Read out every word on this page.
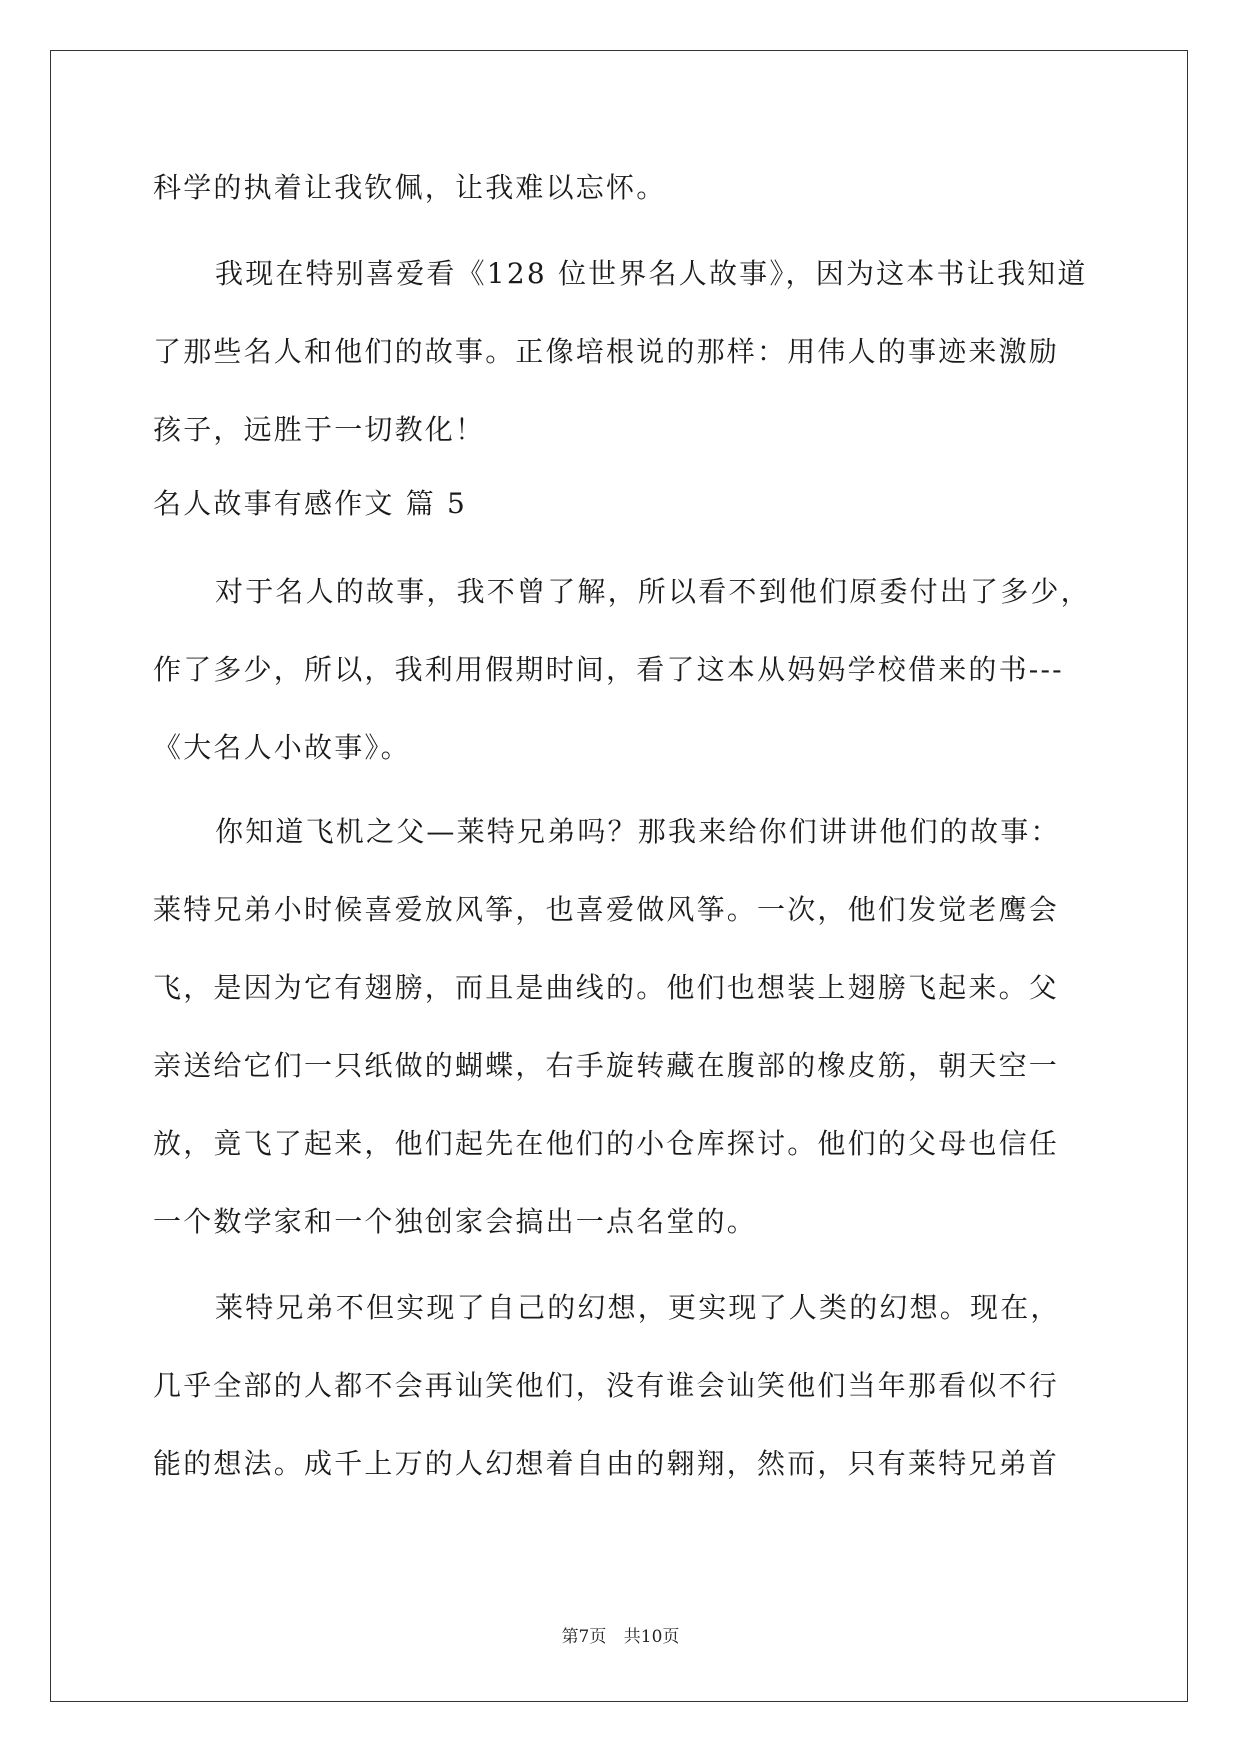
科学的执着让我钦佩，让我难以忘怀。
我现在特别喜爱看《128 位世界名人故事》，因为这本书让我知道
了那些名人和他们的故事。正像培根说的那样：用伟人的事迹来激励
孩子，远胜于一切教化！
名人故事有感作文 篇 5
对于名人的故事，我不曾了解，所以看不到他们原委付出了多少，
作了多少，所以，我利用假期时间，看了这本从妈妈学校借来的书---
《大名人小故事》。
你知道飞机之父—莱特兄弟吗？那我来给你们讲讲他们的故事：
莱特兄弟小时候喜爱放风筝，也喜爱做风筝。一次，他们发觉老鹰会
飞，是因为它有翅膀，而且是曲线的。他们也想装上翅膀飞起来。父
亲送给它们一只纸做的蝴蝶，右手旋转藏在腹部的橡皮筋，朝天空一
放，竟飞了起来，他们起先在他们的小仓库探讨。他们的父母也信任
一个数学家和一个独创家会搞出一点名堂的。
莱特兄弟不但实现了自己的幻想，更实现了人类的幻想。现在，
几乎全部的人都不会再讪笑他们，没有谁会讪笑他们当年那看似不行
能的想法。成千上万的人幻想着自由的翱翔，然而，只有莱特兄弟首
第7页 共10页
